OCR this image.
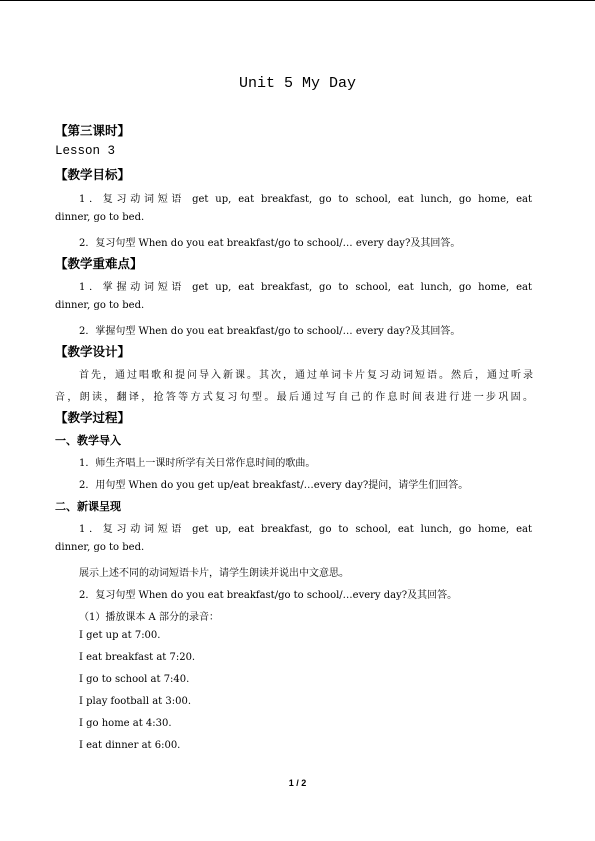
Unit 5 My Day
【第三课时】
Lesson 3
【教学目标】
1．复习动词短语 get up, eat breakfast, go to school, eat lunch, go home, eat
dinner, go to bed.
2．复习句型 When do you eat breakfast/go to school/… every day?及其回答。
【教学重难点】
1．掌握动词短语 get up, eat breakfast, go to school, eat lunch, go home, eat
dinner, go to bed.
2．掌握句型 When do you eat breakfast/go to school/… every day?及其回答。
【教学设计】
首先，通过唱歌和提问导入新课。其次，通过单词卡片复习动词短语。然后，通过听录
音，朗读，翻译，抢答等方式复习句型。最后通过写自己的作息时间表进行进一步巩固。
【教学过程】
一、教学导入
1．师生齐唱上一课时所学有关日常作息时间的歌曲。
2．用句型 When do you get up/eat breakfast/…every day?提问，请学生们回答。
二、新课呈现
1．复习动词短语 get up, eat breakfast, go to school, eat lunch, go home, eat
dinner, go to bed.
展示上述不同的动词短语卡片，请学生朗读并说出中文意思。
2．复习句型 When do you eat breakfast/go to school/…every day?及其回答。
（1）播放课本 A 部分的录音：
I get up at 7:00.
I eat breakfast at 7:20.
I go to school at 7:40.
I play football at 3:00.
I go home at 4:30.
I eat dinner at 6:00.
1 / 2
